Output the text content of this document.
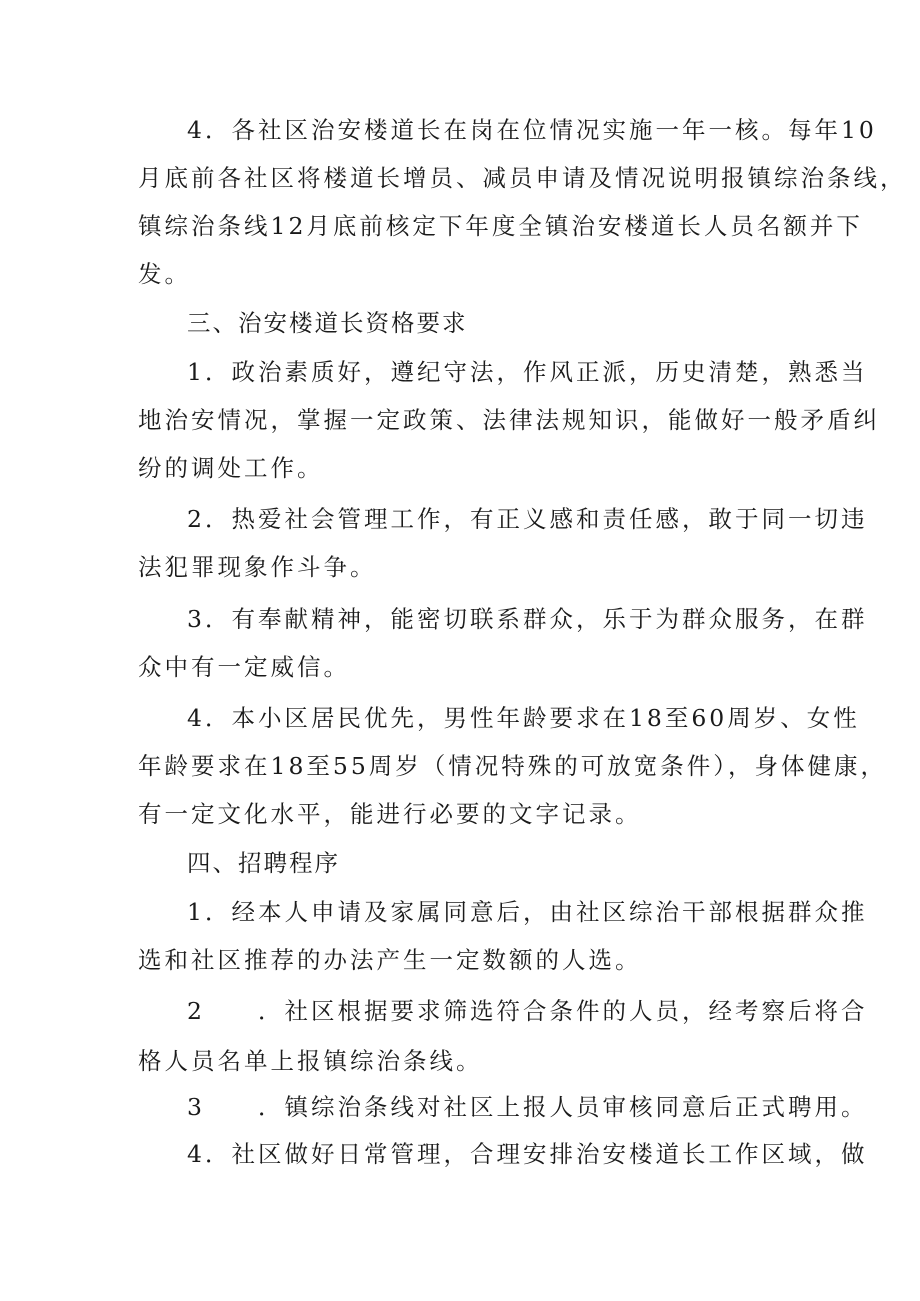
4．各社区治安楼道长在岗在位情况实施一年一核。每年10
月底前各社区将楼道长增员、减员申请及情况说明报镇综治条线，
镇综治条线12月底前核定下年度全镇治安楼道长人员名额并下
发。
三、治安楼道长资格要求
1．政治素质好，遵纪守法，作风正派，历史清楚，熟悉当
地治安情况，掌握一定政策、法律法规知识，能做好一般矛盾纠
纷的调处工作。
2．热爱社会管理工作，有正义感和责任感，敢于同一切违
法犯罪现象作斗争。
3．有奉献精神，能密切联系群众，乐于为群众服务，在群
众中有一定威信。
4．本小区居民优先，男性年龄要求在18至60周岁、女性
年龄要求在18至55周岁（情况特殊的可放宽条件），身体健康，
有一定文化水平，能进行必要的文字记录。
四、招聘程序
1．经本人申请及家属同意后，由社区综治干部根据群众推
选和社区推荐的办法产生一定数额的人选。
2　　．社区根据要求筛选符合条件的人员，经考察后将合
格人员名单上报镇综治条线。
3　　．镇综治条线对社区上报人员审核同意后正式聘用。
4．社区做好日常管理，合理安排治安楼道长工作区域，做
